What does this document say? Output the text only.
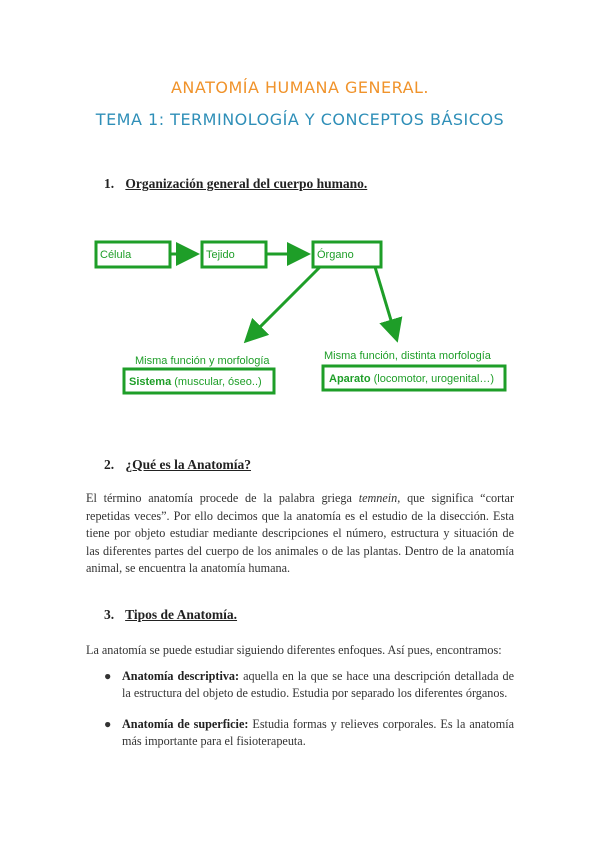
ANATOMÍA HUMANA GENERAL.
TEMA 1: TERMINOLOGÍA Y CONCEPTOS BÁSICOS
1. Organización general del cuerpo humano.
Célula	Tejido	Órgano
Misma función y morfología	Misma función, distinta morfología
Sistema (muscular, óseo..)	Aparato (locomotor, urogenital…)
2. ¿Qué es la Anatomía?
El término anatomía procede de la palabra griega temnein, que significa “cortar repetidas veces”. Por ello decimos que la anatomía es el estudio de la disección. Esta tiene por objeto estudiar mediante descripciones el número, estructura y situación de las diferentes partes del cuerpo de los animales o de las plantas. Dentro de la anatomía animal, se encuentra la anatomía humana.
3. Tipos de Anatomía.
La anatomía se puede estudiar siguiendo diferentes enfoques. Así pues, encontramos:
● Anatomía descriptiva: aquella en la que se hace una descripción detallada de la estructura del objeto de estudio. Estudia por separado los diferentes órganos.
● Anatomía de superficie: Estudia formas y relieves corporales. Es la anatomía más importante para el fisioterapeuta.
